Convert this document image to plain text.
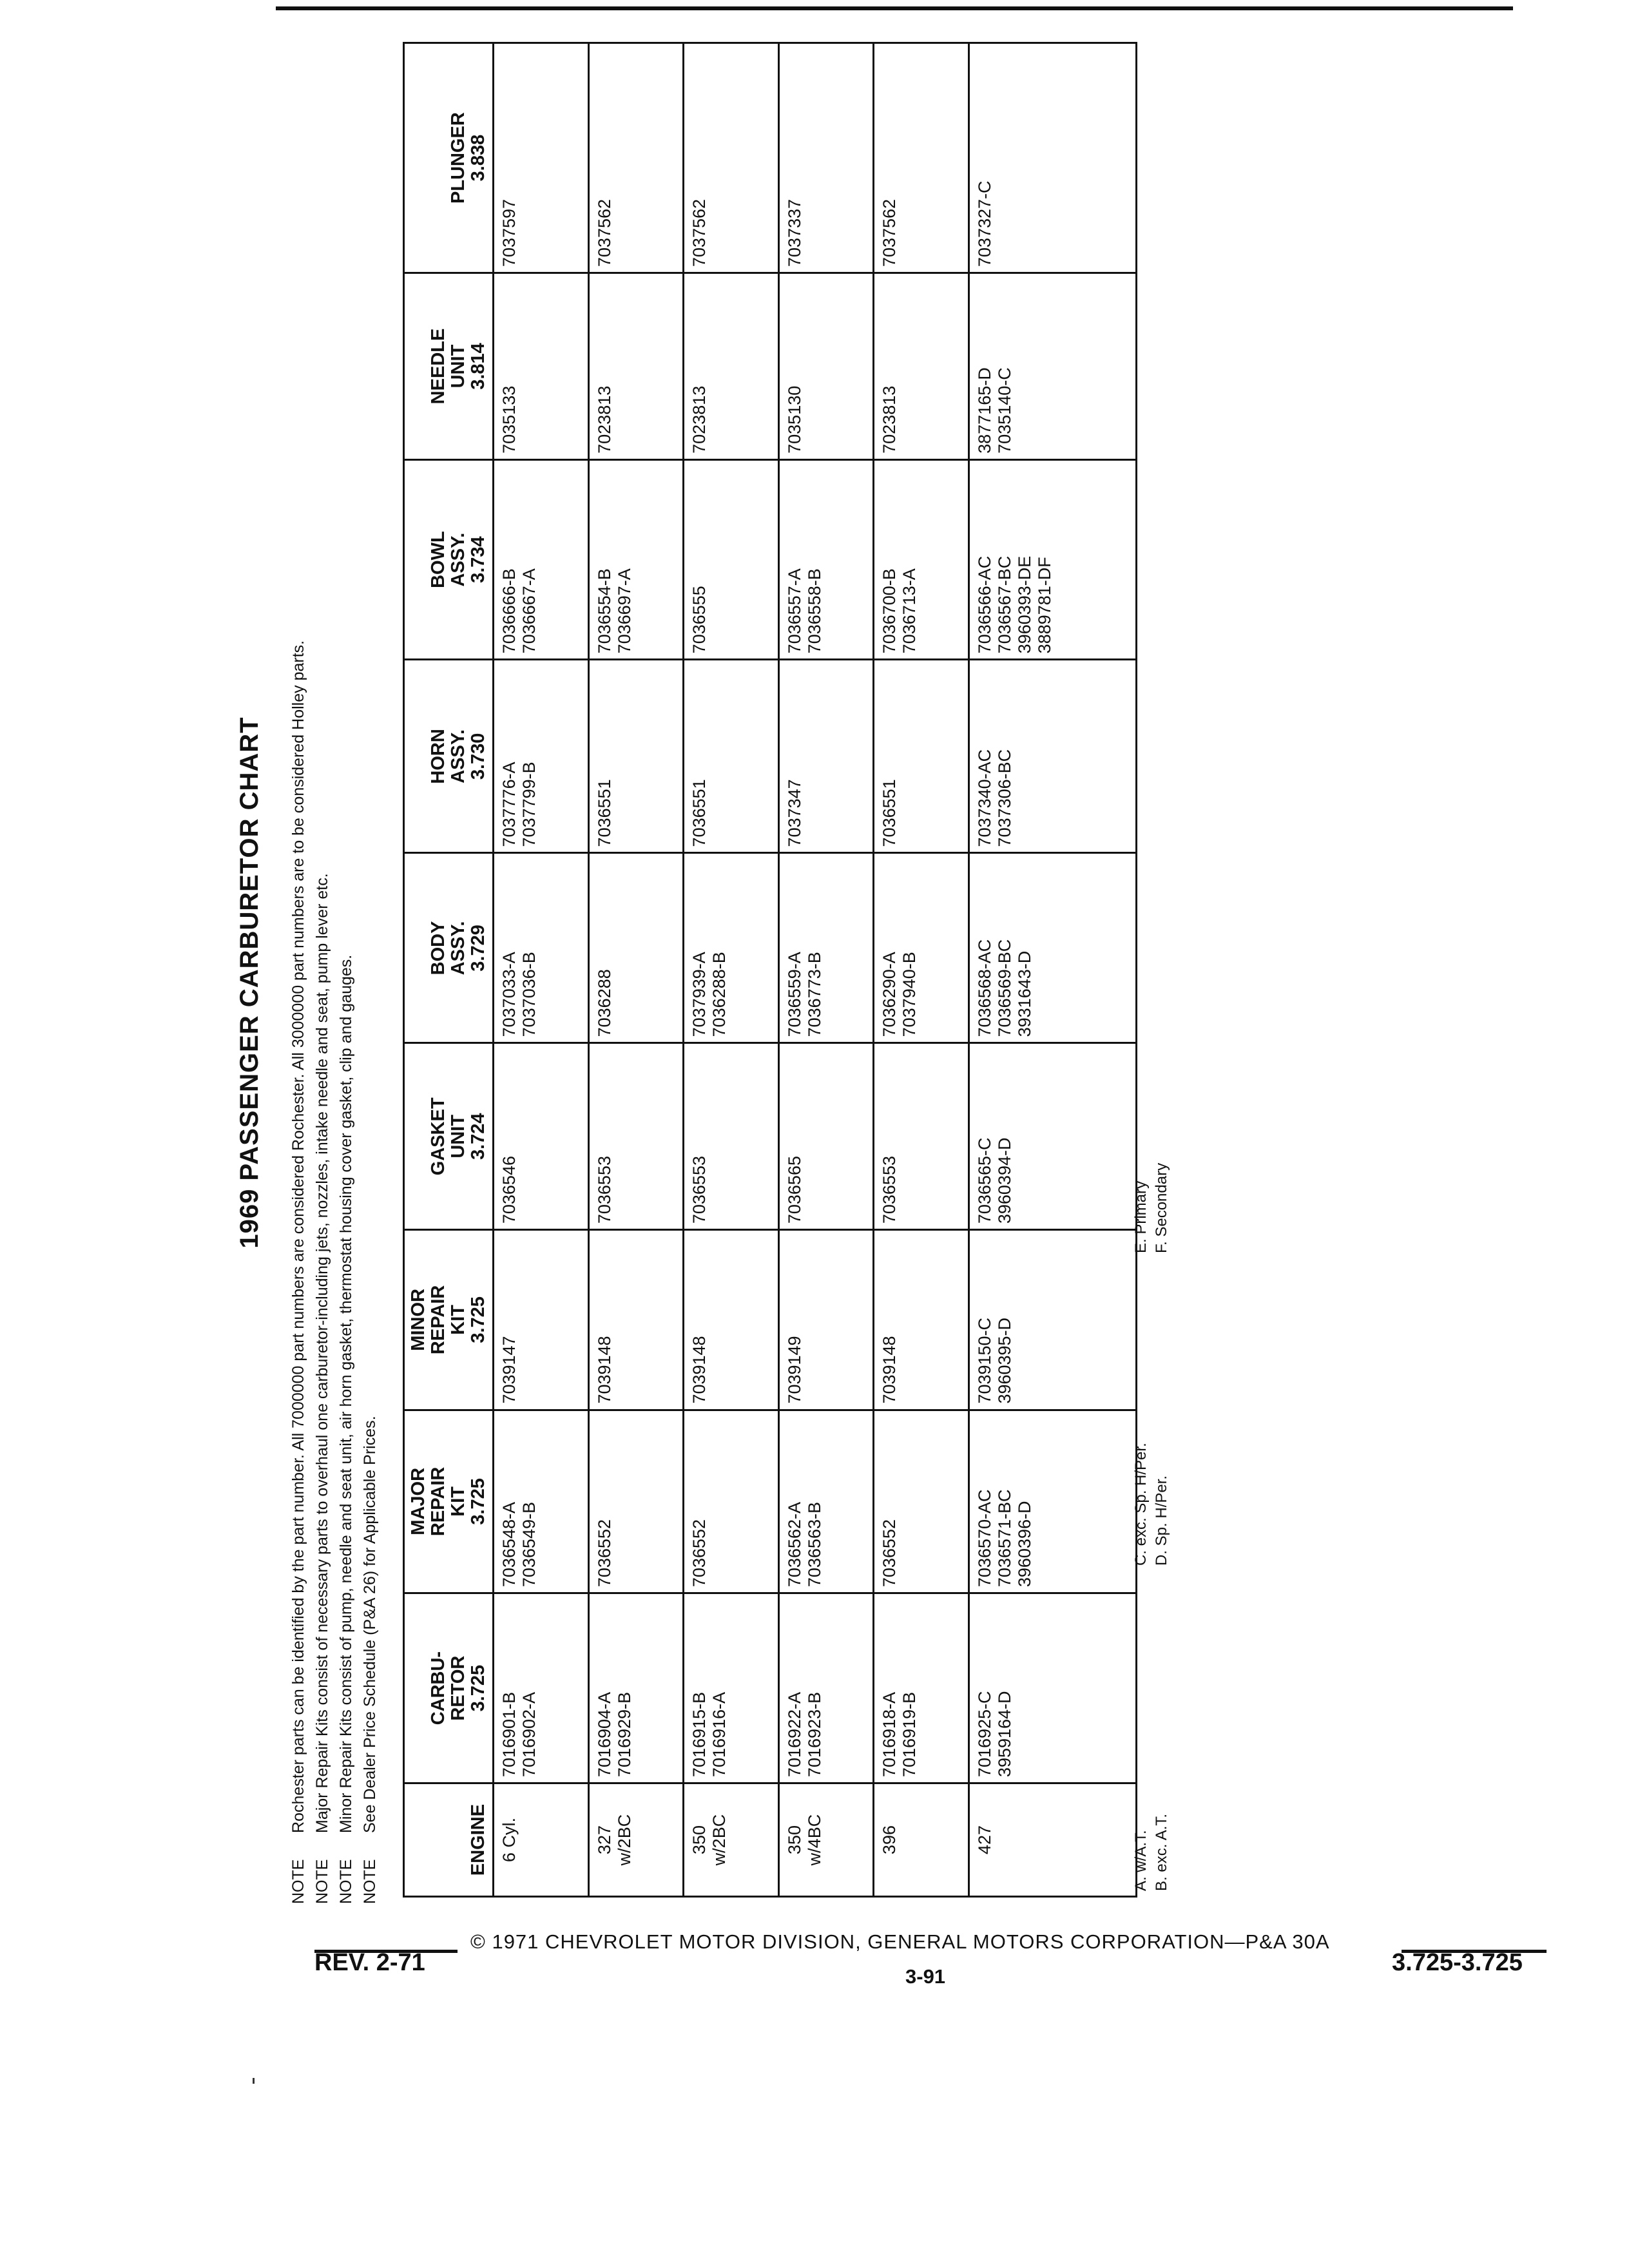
1969 PASSENGER CARBURETOR CHART
NOTE
Rochester parts can be identified by the part number. All 7000000 part numbers are considered Rochester. All 3000000 part numbers are to be considered Holley parts.
NOTE
Major Repair Kits consist of necessary parts to overhaul one carburetor-including jets, nozzles, intake needle and seat, pump lever etc.
NOTE
Minor Repair Kits consist of pump, needle and seat unit, air horn gasket, thermostat housing cover gasket, clip and gauges.
NOTE
See Dealer Price Schedule (P&A 26) for Applicable Prices.
ENGINE	CARBU- RETOR 3.725	MAJOR REPAIR KIT 3.725	MINOR REPAIR KIT 3.725	GASKET UNIT 3.724	BODY ASSY. 3.729	HORN ASSY. 3.730	BOWL ASSY. 3.734	NEEDLE UNIT 3.814	PLUNGER 3.838

6 Cyl.	7016901-B 7016902-A	7036548-A 7036549-B	7039147	7036546	7037033-A 7037036-B	7037776-A 7037799-B	7036666-B 7036667-A	7035133	7037597

327 w/2BC	7016904-A 7016929-B	7036552	7039148	7036553	7036288	7036551	7036554-B 7036697-A	7023813	7037562

350 w/2BC	7016915-B 7016916-A	7036552	7039148	7036553	7037939-A 7036288-B	7036551	7036555	7023813	7037562

350 w/4BC	7016922-A 7016923-B	7036562-A 7036563-B	7039149	7036565	7036559-A 7036773-B	7037347	7036557-A 7036558-B	7035130	7037337

396	7016918-A 7016919-B	7036552	7039148	7036553	7036290-A 7037940-B	7036551	7036700-B 7036713-A	7023813	7037562

427	7016925-C 3959164-D	7036570-AC 7036571-BC 3960396-D	7039150-C 3960395-D	7036565-C 3960394-D	7036568-AC 7036569-BC 3931643-D	7037340-AC 7037306-BC	7036566-AC 7036567-BC 3960393-DE 3889781-DF	3877165-D 7035140-C	7037327-C
A. w/A.T. B. exc. A.T.
C. exc. Sp. H/Per. D. Sp. H/Per.
E. Primary F. Secondary
© 1971 CHEVROLET MOTOR DIVISION, GENERAL MOTORS CORPORATION—P&A 30A
REV. 2-71
3-91
3.725-3.725
